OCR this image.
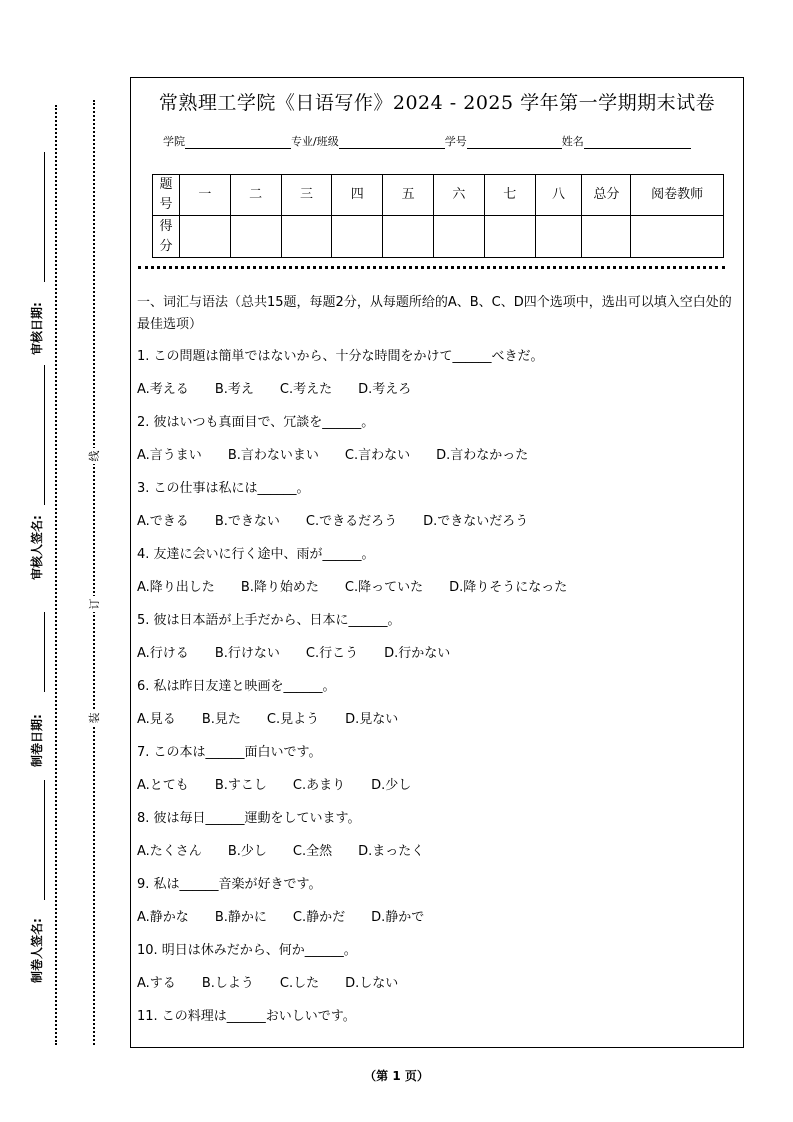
审核日期:
审核人签名:
制卷日期:
制卷人签名:
线
订
装
常熟理工学院《日语写作》2024 - 2025 学年第一学期期末试卷
学院	专业/班级	学号	姓名
题号	一	二	三	四	五	六	七	八	总分	阅卷教师
得分										
一、词汇与语法（总共15题，每题2分，从每题所给的A、B、C、D四个选项中，选出可以填入空白处的最佳选项）
1. この問題は簡単ではないから、十分な時間をかけて______べきだ。
A.考える B.考え C.考えた D.考えろ
2. 彼はいつも真面目で、冗談を______。
A.言うまい B.言わないまい C.言わない D.言わなかった
3. この仕事は私には______。
A.できる B.できない C.できるだろう D.できないだろう
4. 友達に会いに行く途中、雨が______。
A.降り出した B.降り始めた C.降っていた D.降りそうになった
5. 彼は日本語が上手だから、日本に______。
A.行ける B.行けない C.行こう D.行かない
6. 私は昨日友達と映画を______。
A.見る B.見た C.見よう D.見ない
7. この本は______面白いです。
A.とても B.すこし C.あまり D.少し
8. 彼は毎日______運動をしています。
A.たくさん B.少し C.全然 D.まったく
9. 私は______音楽が好きです。
A.静かな B.静かに C.静かだ D.静かで
10. 明日は休みだから、何か______。
A.する B.しよう C.した D.しない
11. この料理は______おいしいです。
（第 1 页）
